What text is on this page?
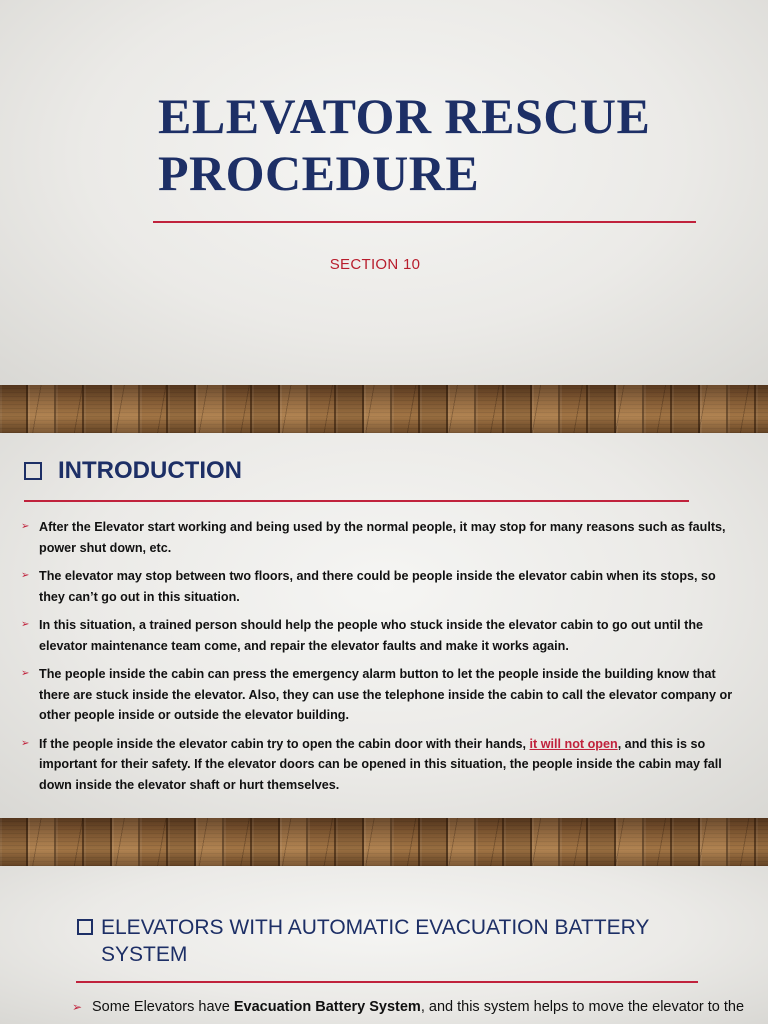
ELEVATOR RESCUE
PROCEDURE
SECTION 10
INTRODUCTION
➢ After the Elevator start working and being used by the normal people, it may stop for many reasons such as faults, power shut down, etc.
➢ The elevator may stop between two floors, and there could be people inside the elevator cabin when its stops, so they can’t go out in this situation.
➢ In this situation, a trained person should help the people who stuck inside the elevator cabin to go out until the elevator maintenance team come, and repair the elevator faults and make it works again.
➢ The people inside the cabin can press the emergency alarm button to let the people inside the building know that there are stuck inside the elevator. Also, they can use the telephone inside the cabin to call the elevator company or other people inside or outside the elevator building.
➢ If the people inside the elevator cabin try to open the cabin door with their hands, it will not open, and this is so important for their safety. If the elevator doors can be opened in this situation, the people inside the cabin may fall down inside the elevator shaft or hurt themselves.
ELEVATORS WITH AUTOMATIC EVACUATION BATTERY
SYSTEM
➢ Some Elevators have Evacuation Battery System, and this system helps to move the elevator to the
